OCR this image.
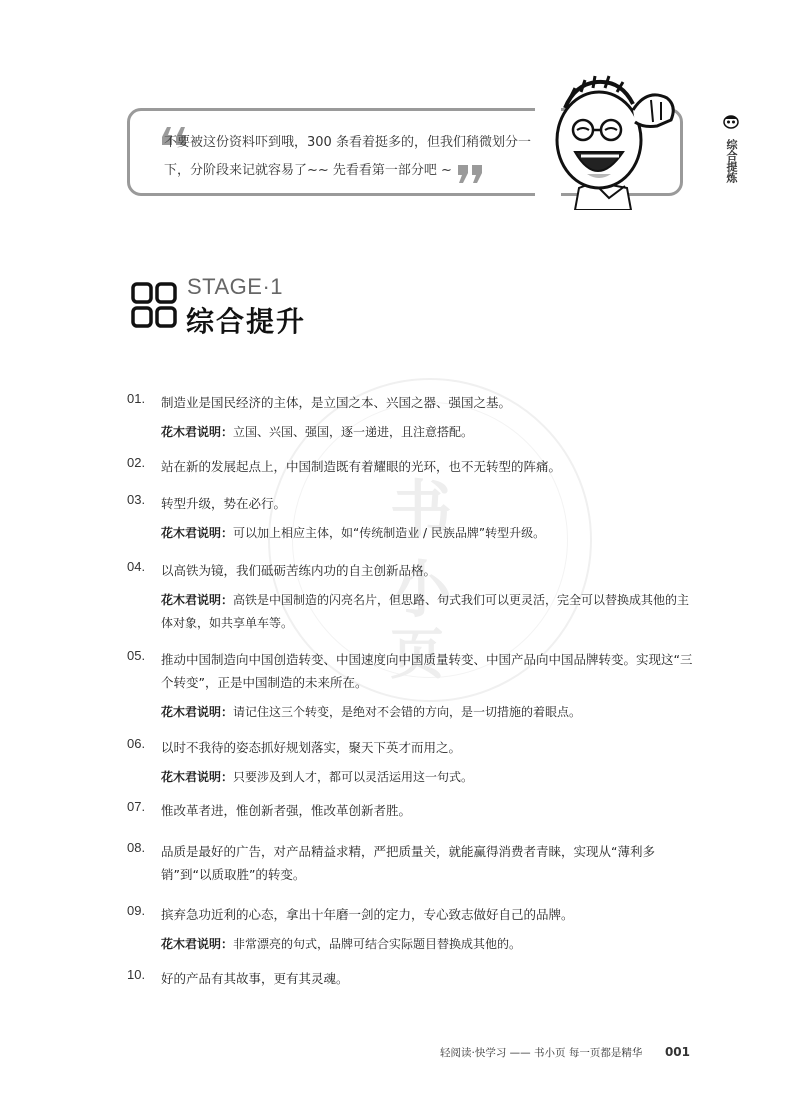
书
小
页
不要被这份资料吓到哦，300 条看着挺多的，但我们稍微划分一下，分阶段来记就容易了~~ 先看看第一部分吧 ~	综合提炼
STAGE·1
综合提升
01. 制造业是国民经济的主体，是立国之本、兴国之器、强国之基。
花木君说明：立国、兴国、强国，逐一递进，且注意搭配。
02. 站在新的发展起点上，中国制造既有着耀眼的光环，也不无转型的阵痛。
03. 转型升级，势在必行。
花木君说明：可以加上相应主体，如“传统制造业 / 民族品牌”转型升级。
04. 以高铁为镜，我们砥砺苦练内功的自主创新品格。
花木君说明：高铁是中国制造的闪亮名片，但思路、句式我们可以更灵活，完全可以替换成其他的主体对象，如共享单车等。
05. 推动中国制造向中国创造转变、中国速度向中国质量转变、中国产品向中国品牌转变。实现这“三个转变”，正是中国制造的未来所在。
花木君说明：请记住这三个转变，是绝对不会错的方向，是一切措施的着眼点。
06. 以时不我待的姿态抓好规划落实，聚天下英才而用之。
花木君说明：只要涉及到人才，都可以灵活运用这一句式。
07. 惟改革者进，惟创新者强，惟改革创新者胜。
08. 品质是最好的广告，对产品精益求精，严把质量关，就能赢得消费者青睐，实现从“薄利多销”到“以质取胜”的转变。
09. 摈弃急功近利的心态，拿出十年磨一剑的定力，专心致志做好自己的品牌。
花木君说明：非常漂亮的句式，品牌可结合实际题目替换成其他的。
10. 好的产品有其故事，更有其灵魂。
轻阅读·快学习 —— 书小页 每一页都是精华 001
